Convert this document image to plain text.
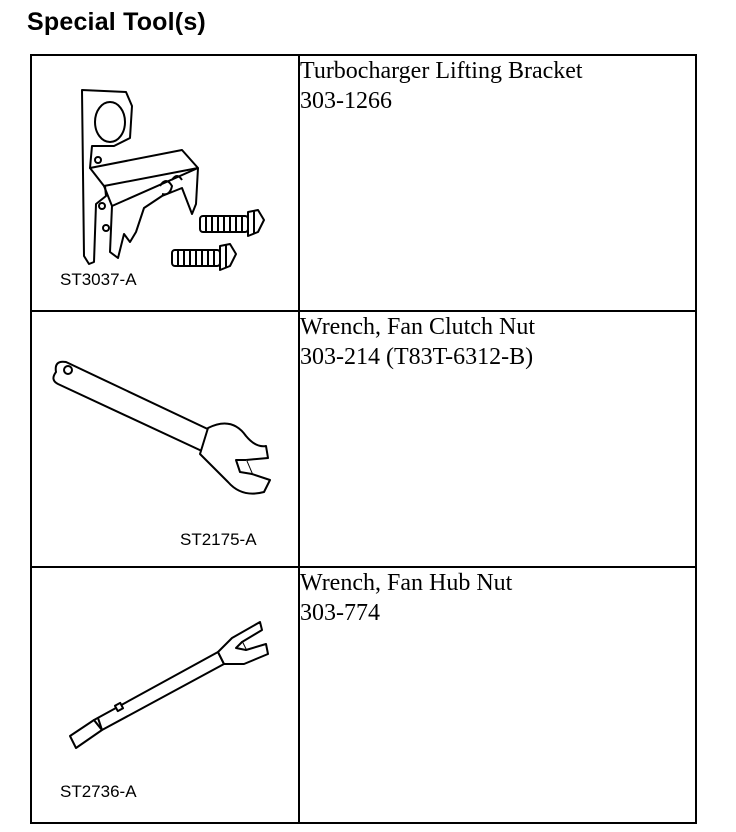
Special Tool(s)
ST3037-A	Turbocharger Lifting Bracket
303-1266

ST2175-A	Wrench, Fan Clutch Nut
303-214 (T83T-6312-B)

ST2736-A	Wrench, Fan Hub Nut
303-774
